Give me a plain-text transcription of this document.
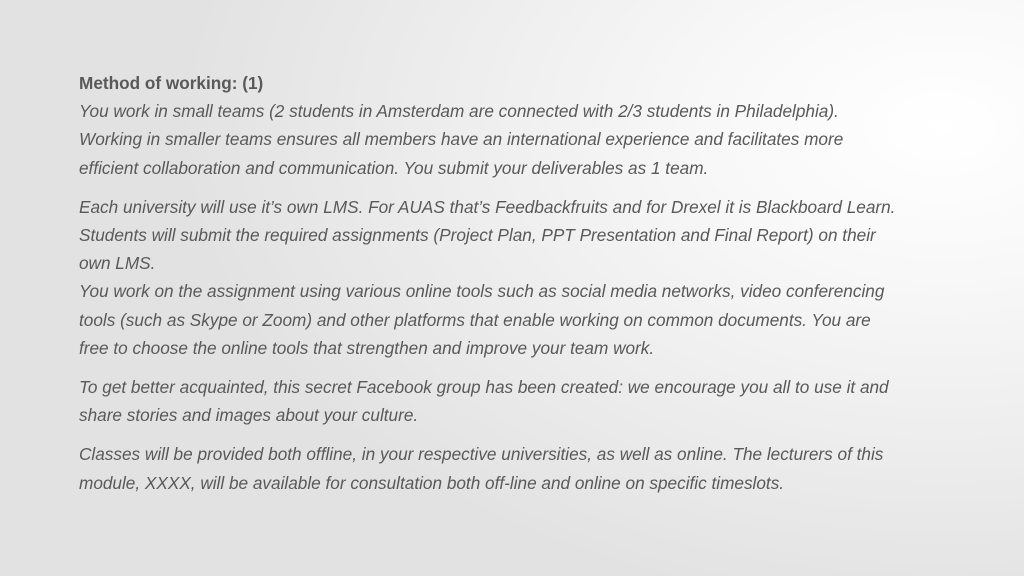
Method of working: (1)

You work in small teams (2 students in Amsterdam are connected with 2/3 students in Philadelphia).

Working in smaller teams ensures all members have an international experience and facilitates more efficient collaboration and communication. You submit your deliverables as 1 team.

Each university will use it’s own LMS. For AUAS that’s Feedbackfruits and for Drexel it is Blackboard Learn. Students will submit the required assignments (Project Plan, PPT Presentation and Final Report) on their own LMS.

You work on the assignment using various online tools such as social media networks, video conferencing tools (such as Skype or Zoom) and other platforms that enable working on common documents. You are free to choose the online tools that strengthen and improve your team work.

To get better acquainted, this secret Facebook group has been created: we encourage you all to use it and share stories and images about your culture.

Classes will be provided both offline, in your respective universities, as well as online. The lecturers of this module, XXXX, will be available for consultation both off-line and online on specific timeslots.
